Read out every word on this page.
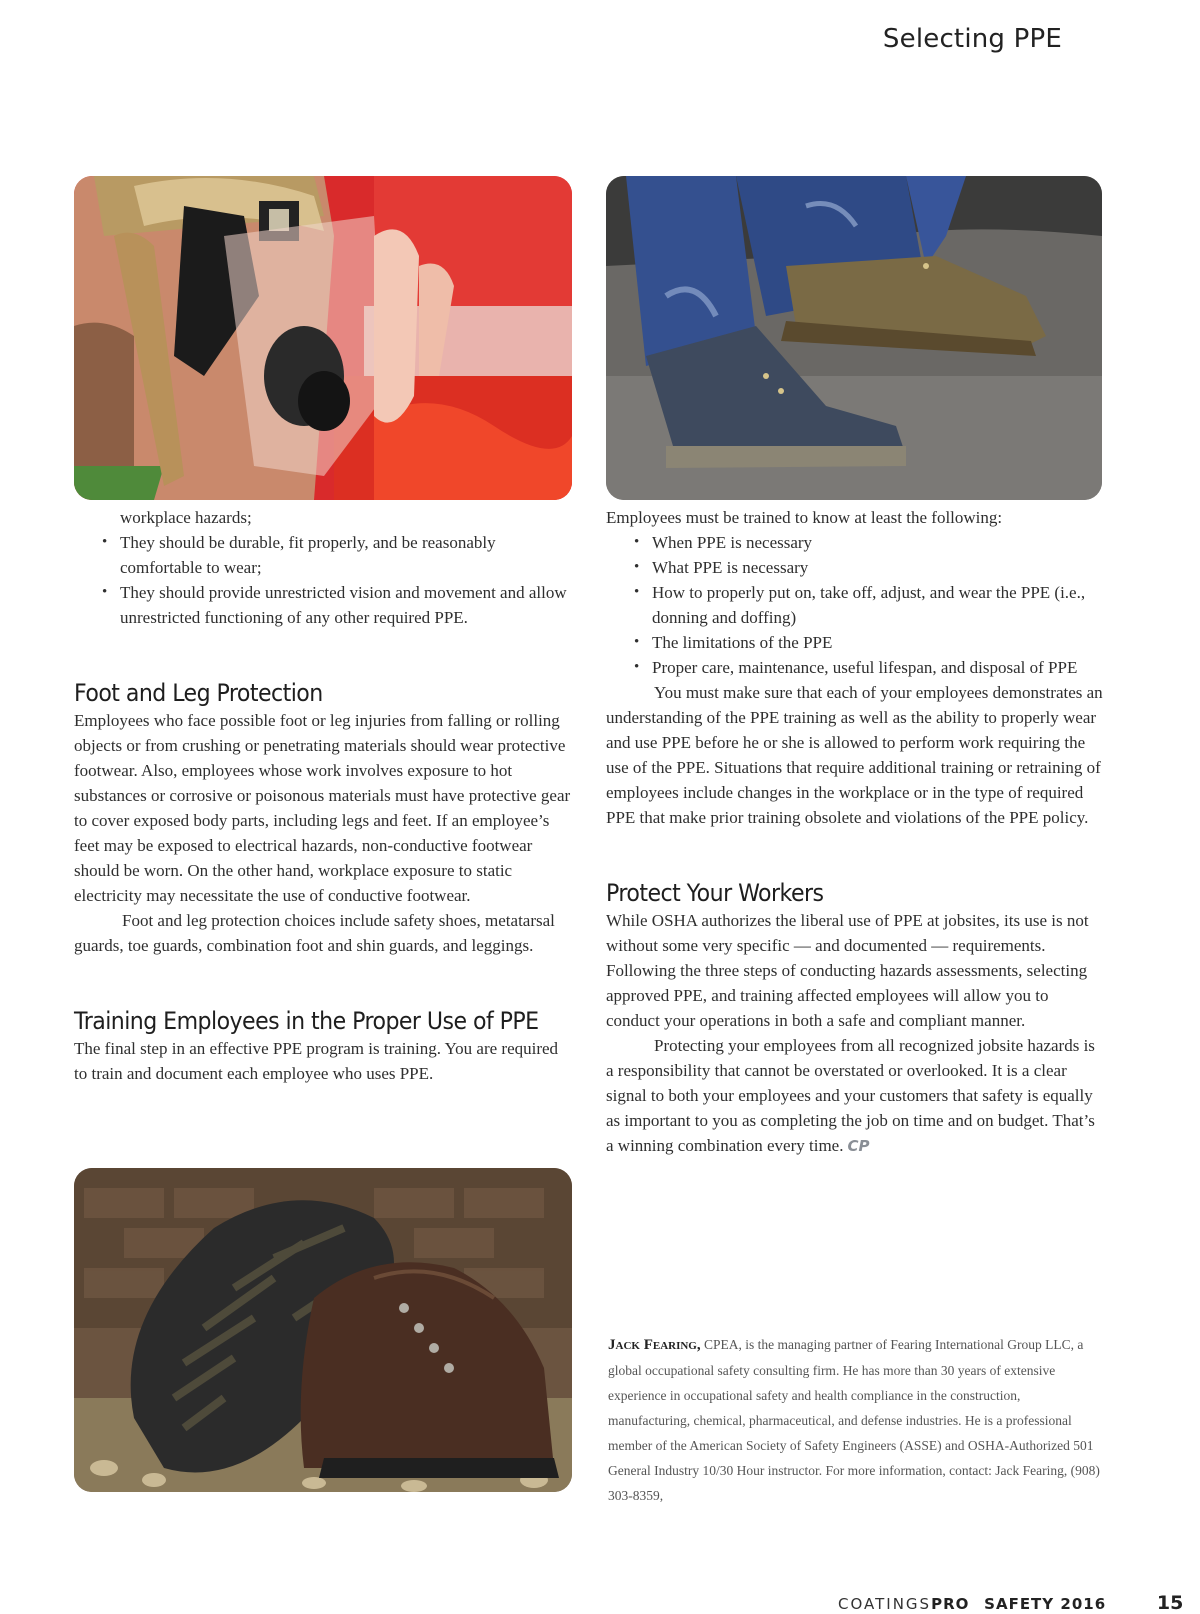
Selecting PPE

workplace hazards;

• They should be durable, fit properly, and be reasonably comfortable to wear;
• They should provide unrestricted vision and movement and allow unrestricted functioning of any other required PPE.
Foot and Leg Protection

Employees who face possible foot or leg injuries from falling or rolling objects or from crushing or penetrating materials should wear protective footwear. Also, employees whose work involves exposure to hot substances or corrosive or poisonous materials must have protective gear to cover exposed body parts, including legs and feet. If an employee’s feet may be exposed to electrical hazards, non-conductive footwear should be worn. On the other hand, workplace exposure to static electricity may necessitate the use of conductive footwear.

Foot and leg protection choices include safety shoes, metatarsal guards, toe guards, combination foot and shin guards, and leggings.

Training Employees in the Proper Use of PPE

The final step in an effective PPE program is training. You are required to train and document each employee who uses PPE.

Employees must be trained to know at least the following:

• When PPE is necessary
• What PPE is necessary
• How to properly put on, take off, adjust, and wear the PPE (i.e., donning and doffing)
• The limitations of the PPE
• Proper care, maintenance, useful lifespan, and disposal of PPE

You must make sure that each of your employees demonstrates an understanding of the PPE training as well as the ability to properly wear and use PPE before he or she is allowed to perform work requiring the use of the PPE. Situations that require additional training or retraining of employees include changes in the workplace or in the type of required PPE that make prior training obsolete and violations of the PPE policy.

Protect Your Workers

While OSHA authorizes the liberal use of PPE at jobsites, its use is not without some very specific — and documented — requirements. Following the three steps of conducting hazards assessments, selecting approved PPE, and training affected employees will allow you to conduct your operations in both a safe and compliant manner.

Protecting your employees from all recognized jobsite hazards is a responsibility that cannot be overstated or overlooked. It is a clear signal to both your employees and your customers that safety is equally as important to you as completing the job on time and on budget. That’s a winning combination every time. CP

Jack Fearing, CPEA, is the managing partner of Fearing International Group LLC, a global occupational safety consulting firm. He has more than 30 years of extensive experience in occupational safety and health compliance in the construction, manufacturing, chemical, pharmaceutical, and defense industries. He is a professional member of the American Society of Safety Engineers (ASSE) and OSHA-Authorized 501 General Industry 10/30 Hour instructor. For more information, contact: Jack Fearing, (908) 303-8359,
COATINGSPRO SAFETY 2016	15
